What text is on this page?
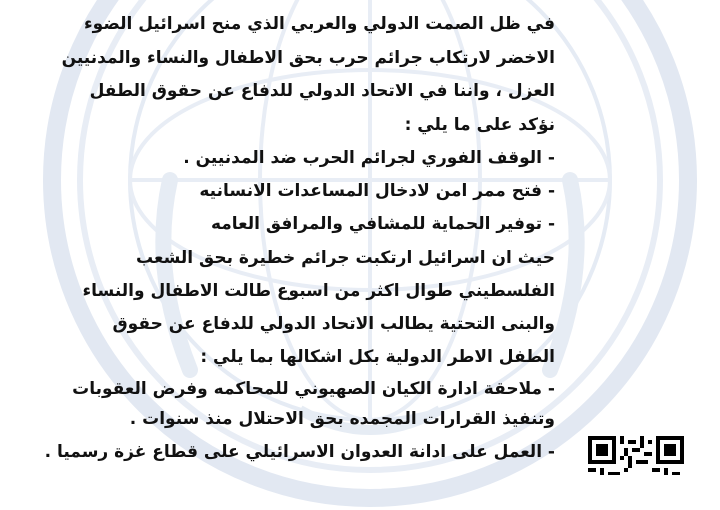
في ظل الصمت الدولي والعربي الذي منح اسرائيل الضوء
الاخضر لارتكاب جرائم حرب بحق الاطفال والنساء والمدنيين
العزل ، واننا في الاتحاد الدولي للدفاع عن حقوق الطفل
نؤكد على ما يلي :
- الوقف الفوري لجرائم الحرب ضد المدنيين .
- فتح ممر امن لادخال المساعدات الانسانيه
- توفير الحماية للمشافي والمرافق العامه
حيث ان اسرائيل ارتكبت جرائم خطيرة بحق الشعب
الفلسطيني طوال اكثر من اسبوع طالت الاطفال والنساء
والبنى التحتية يطالب الاتحاد الدولي للدفاع عن حقوق
الطفل الاطر الدولية بكل اشكالها بما يلي :
- ملاحقة ادارة الكيان الصهيوني للمحاكمه وفرض العقوبات
وتنفيذ القرارات المجمده بحق الاحتلال منذ سنوات .
- العمل على ادانة العدوان الاسرائيلي على قطاع غزة رسميا .
